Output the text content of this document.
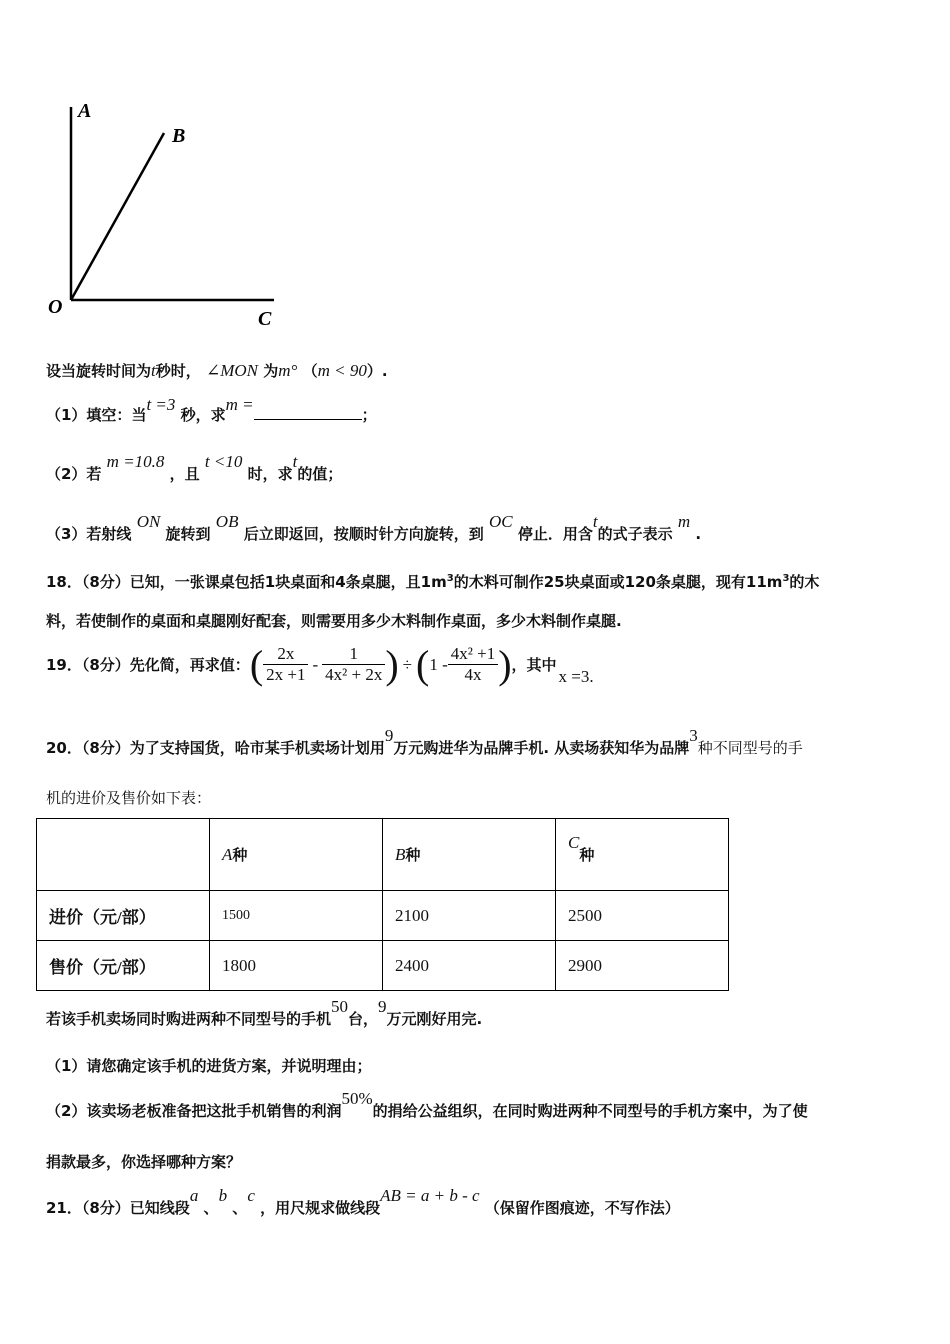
A
B
O
C
设当旋转时间为t秒时， ∠MON 为m° （m < 90）.
（1）填空：当t =3 秒，求m =；
（2）若 m =10.8 ，且 t <10 时，求t的值；
（3）若射线 ON 旋转到 OB 后立即返回，按顺时针方向旋转，到 OC 停止．用含t的式子表示 m .
18．（8分）已知，一张课桌包括1块桌面和4条桌腿，且$1m^3$的木料可制作25块桌面或120条桌腿，现有$11m^3$的木
料，若使制作的桌面和桌腿刚好配套，则需要用多少木料制作桌面，多少木料制作桌腿.
19．（8分）先化简，再求值： ( $\frac{2x}{2x +1} - \frac{1}{\text{4x² + 2x}}$ ) ÷ ( $1 - \frac{\text{4x² +1}}{4x}$ ) ，其中
x =3.
20．（8分）为了支持国货，哈市某手机卖场计划用9万元购进华为品牌手机. 从卖场获知华为品牌3种不同型号的手
机的进价及售价如下表：
	A种	B种	C种
进价（元/部）	1500	2100	2500
售价（元/部）	1800	2400	2900
若该手机卖场同时购进两种不同型号的手机50台，9万元刚好用完.
（1）请您确定该手机的进货方案，并说明理由；
（2）该卖场老板准备把这批手机销售的利润50%的捐给公益组织，在同时购进两种不同型号的手机方案中，为了使
捐款最多，你选择哪种方案？
21．（8分）已知线段a 、b 、c ，用尺规求做线段AB = a + b - c （保留作图痕迹，不写作法）
